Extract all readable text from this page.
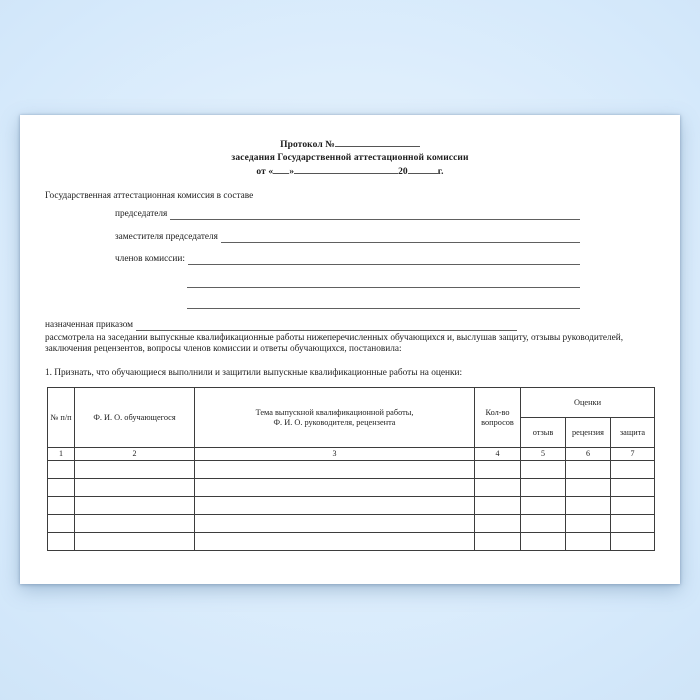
Протокол №
заседания Государственной аттестационной комиссии
от « »	20	г.
Государственная аттестационная комиссия в составе
председателя
заместителя председателя
членов комиссии:
назначенная приказом
рассмотрела на заседании выпускные квалификационные работы нижеперечисленных обучающихся и, выслушав защиту, отзывы руководителей, заключения рецензентов, вопросы членов комиссии и ответы обучающихся, постановила:
1. Признать, что обучающиеся выполнили и защитили выпускные квалификационные работы на оценки:
№ п/п	Ф. И. О. обучающегося	Тема выпускной квалификационной работы,
Ф. И. О. руководителя, рецензента	Кол-во вопросов	Оценки		
				отзыв	рецензия	защита
1	2	3	4	5	6	7
